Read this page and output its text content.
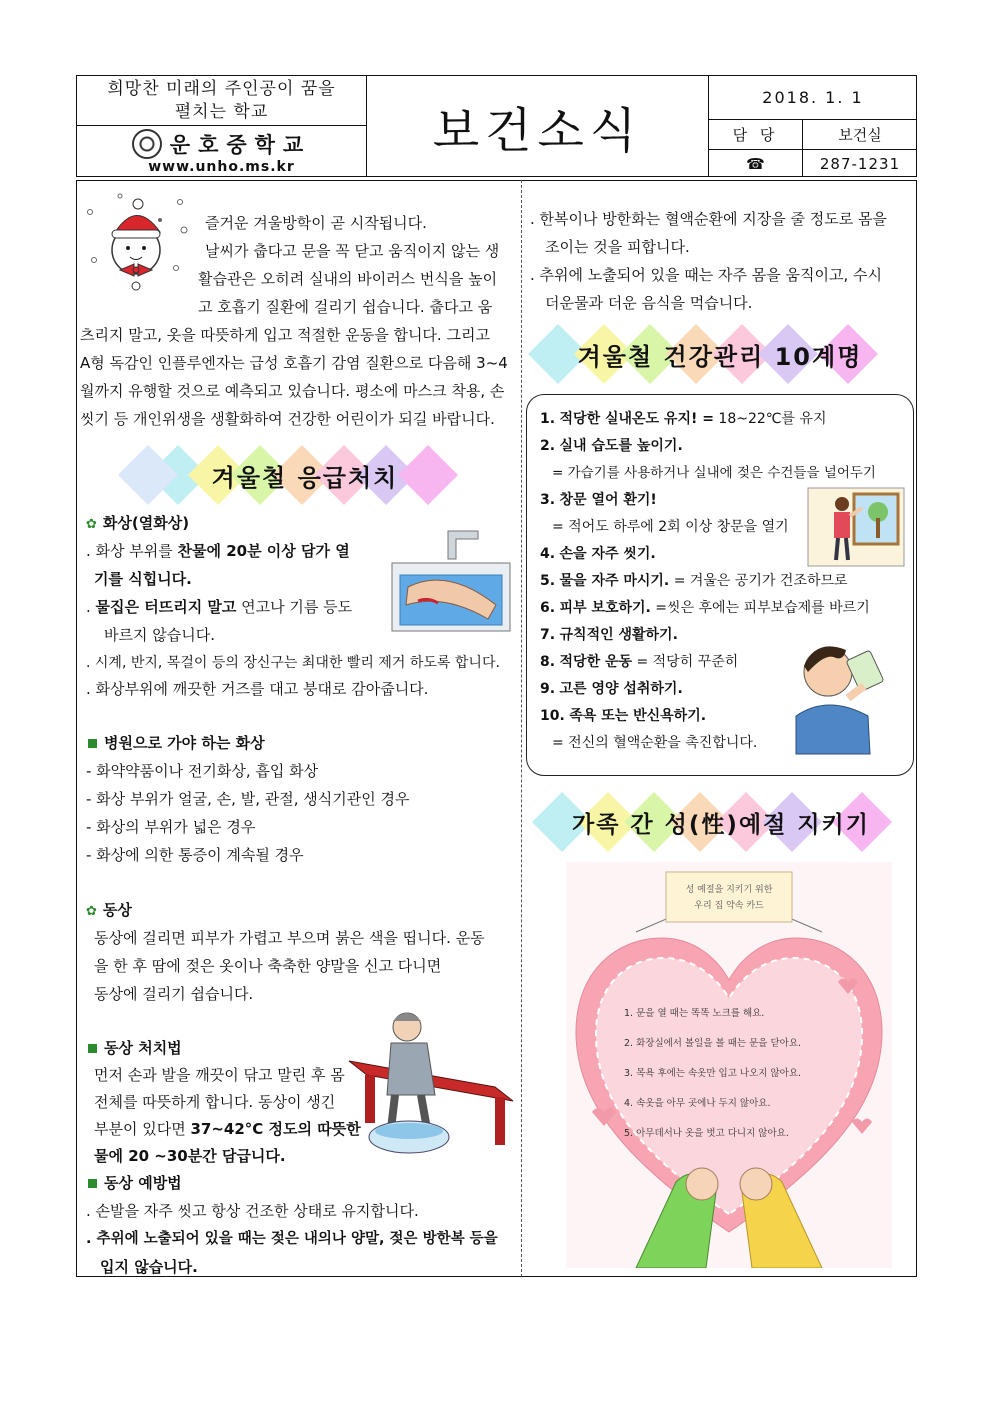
희망찬 미래의 주인공이 꿈을
펼치는 학교
운호중학교
www.unho.ms.kr
보건소식
2018. 1. 1
담 당	보건실
☎	287-1231
즐거운 겨울방학이 곧 시작됩니다.
날씨가 춥다고 문을 꼭 닫고 움직이지 않는 생
활습관은 오히려 실내의 바이러스 번식을 높이
고 호흡기 질환에 걸리기 쉽습니다. 춥다고 움
츠리지 말고, 옷을 따뜻하게 입고 적절한 운동을 합니다. 그리고
A형 독감인 인플루엔자는 급성 호흡기 감염 질환으로 다음해 3~4
월까지 유행할 것으로 예측되고 있습니다. 평소에 마스크 착용, 손
씻기 등 개인위생을 생활화하여 건강한 어린이가 되길 바랍니다.
겨울철 응급처치
✿ 화상(열화상)
. 화상 부위를 찬물에 20분 이상 담가 열
기를 식힙니다.
. 물집은 터뜨리지 말고 연고나 기름 등도
바르지 않습니다.
. 시계, 반지, 목걸이 등의 장신구는 최대한 빨리 제거 하도록 합니다.
. 화상부위에 깨끗한 거즈를 대고 붕대로 감아줍니다.
병원으로 가야 하는 화상
- 화약약품이나 전기화상, 흡입 화상
- 화상 부위가 얼굴, 손, 발, 관절, 생식기관인 경우
- 화상의 부위가 넓은 경우
- 화상에 의한 통증이 계속될 경우
✿ 동상
동상에 걸리면 피부가 가렵고 부으며 붉은 색을 띱니다. 운동
을 한 후 땀에 젖은 옷이나 축축한 양말을 신고 다니면
동상에 걸리기 쉽습니다.
동상 처치법
먼저 손과 발을 깨끗이 닦고 말린 후 몸
전체를 따뜻하게 합니다. 동상이 생긴
부분이 있다면 37~42°C 정도의 따뜻한
물에 20 ~30분간 담급니다.
동상 예방법
. 손발을 자주 씻고 항상 건조한 상태로 유지합니다.
. 추위에 노출되어 있을 때는 젖은 내의나 양말, 젖은 방한복 등을
입지 않습니다.
. 한복이나 방한화는 혈액순환에 지장을 줄 정도로 몸을
조이는 것을 피합니다.
. 추위에 노출되어 있을 때는 자주 몸을 움직이고, 수시
더운물과 더운 음식을 먹습니다.
겨울철 건강관리 10계명
1. 적당한 실내온도 유지! = 18~22℃를 유지
2. 실내 습도를 높이기.
= 가습기를 사용하거나 실내에 젖은 수건들을 널어두기
3. 창문 열어 환기!
= 적어도 하루에 2회 이상 창문을 열기
4. 손을 자주 씻기.
5. 물을 자주 마시기. = 겨울은 공기가 건조하므로
6. 피부 보호하기. =씻은 후에는 피부보습제를 바르기
7. 규칙적인 생활하기.
8. 적당한 운동 = 적당히 꾸준히
9. 고른 영양 섭취하기.
10. 족욕 또는 반신욕하기.
= 전신의 혈액순환을 촉진합니다.
가족 간 성(性)예절 지키기
성 예절을 지키기 위한
우리 집 약속 카드
1. 문을 열 때는 똑똑 노크를 해요.
2. 화장실에서 볼일을 볼 때는 문을 닫아요.
3. 목욕 후에는 속옷만 입고 나오지 않아요.
4. 속옷을 아무 곳에나 두지 않아요.
5. 아무데서나 옷을 벗고 다니지 않아요.
